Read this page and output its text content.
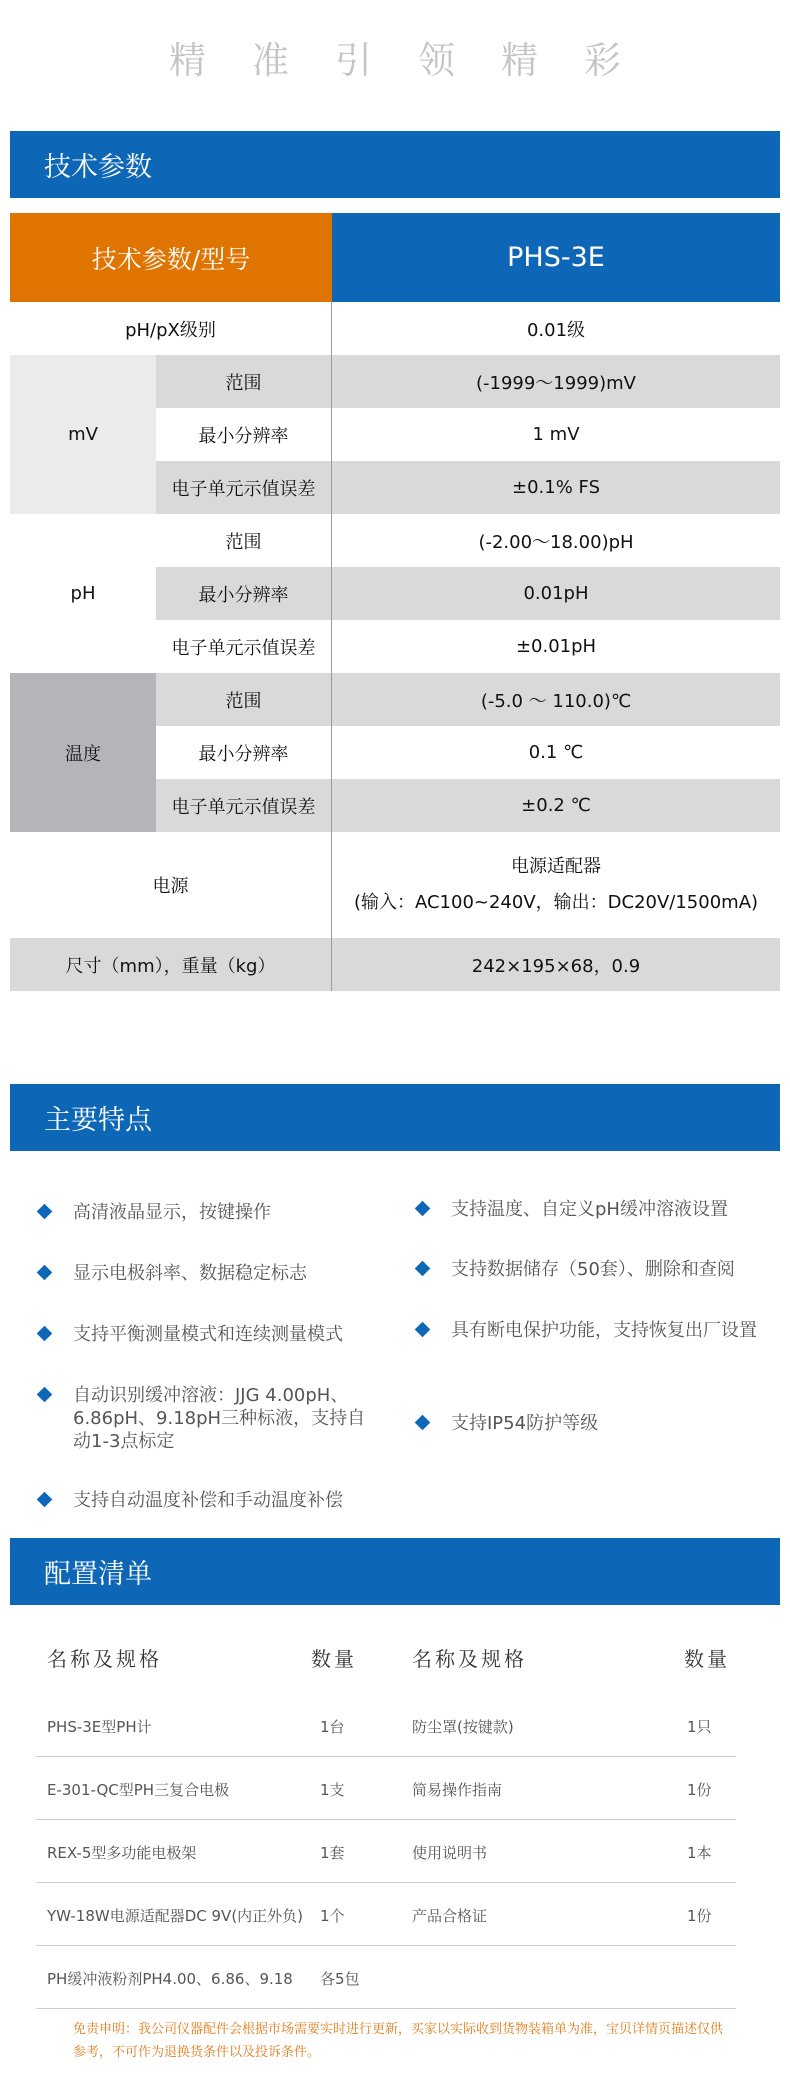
精准引领精彩
技术参数
技术参数/型号	PHS-3E
pH/pX级别	0.01级
mV
范围	(-1999～1999)mV
最小分辨率	1 mV
电子单元示值误差	±0.1% FS
pH
范围	(-2.00～18.00)pH
最小分辨率	0.01pH
电子单元示值误差	±0.01pH
温度
范围	(-5.0 ～ 110.0)℃
最小分辨率	0.1 ℃
电子单元示值误差	±0.2 ℃
电源
电源适配器
(输入：AC100~240V，输出：DC20V/1500mA)
尺寸（mm），重量（kg）	242×195×68，0.9
主要特点
高清液晶显示，按键操作
显示电极斜率、数据稳定标志
支持平衡测量模式和连续测量模式
自动识别缓冲溶液：JJG 4.00pH、6.86pH、9.18pH三种标液，支持自动1-3点标定
支持自动温度补偿和手动温度补偿
支持温度、自定义pH缓冲溶液设置
支持数据储存（50套）、删除和查阅
具有断电保护功能，支持恢复出厂设置
支持IP54防护等级
配置清单
名称及规格	数量	名称及规格	数量
PHS-3E型PH计	1台	防尘罩(按键款)	1只
E-301-QC型PH三复合电极	1支	简易操作指南	1份
REX-5型多功能电极架	1套	使用说明书	1本
YW-18W电源适配器DC 9V(内正外负) 1个	产品合格证	1份
PH缓冲液粉剂PH4.00、6.86、9.18 各5包
免责申明：我公司仪器配件会根据市场需要实时进行更新，买家以实际收到货物装箱单为准，宝贝详情页描述仅供参考，不可作为退换货条件以及投诉条件。
